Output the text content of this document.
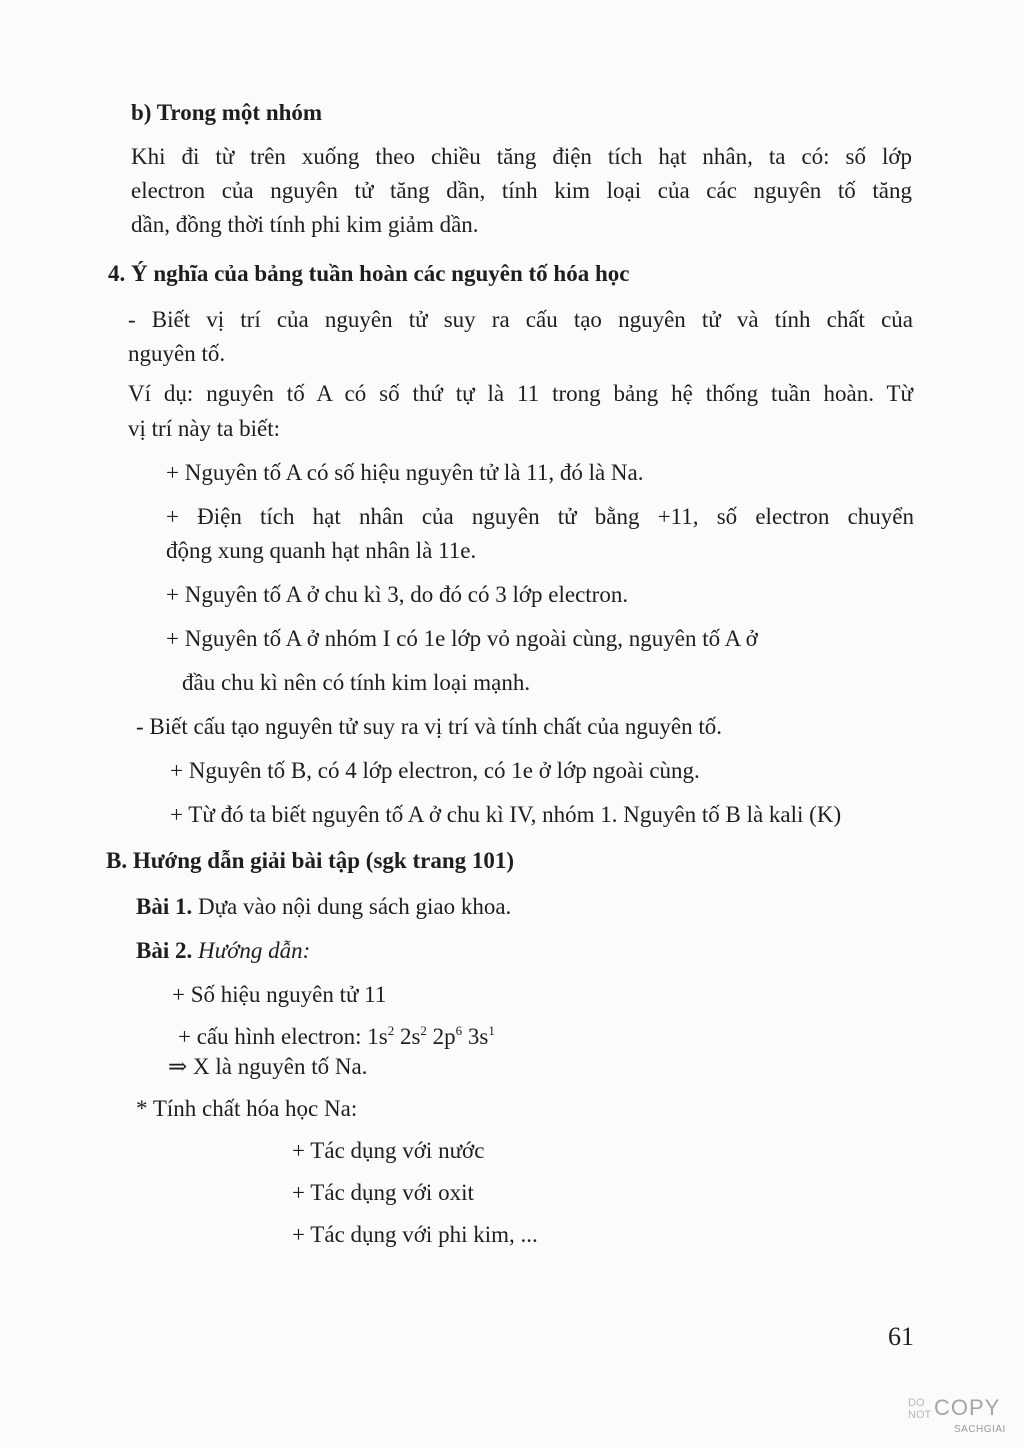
b) Trong một nhóm
Khi đi từ trên xuống theo chiều tăng điện tích hạt nhân, ta có: số lớp
electron của nguyên tử tăng dần, tính kim loại của các nguyên tố tăng
dần, đồng thời tính phi kim giảm dần.
4. Ý nghĩa của bảng tuần hoàn các nguyên tố hóa học
- Biết vị trí của nguyên tử suy ra cấu tạo nguyên tử và tính chất của
nguyên tố.
Ví dụ: nguyên tố A có số thứ tự là 11 trong bảng hệ thống tuần hoàn. Từ
vị trí này ta biết:
+ Nguyên tố A có số hiệu nguyên tử là 11, đó là Na.
+ Điện tích hạt nhân của nguyên tử bằng +11, số electron chuyển
động xung quanh hạt nhân là 11e.
+ Nguyên tố A ở chu kì 3, do đó có 3 lớp electron.
+ Nguyên tố A ở nhóm I có 1e lớp vỏ ngoài cùng, nguyên tố A ở
đầu chu kì nên có tính kim loại mạnh.
- Biết cấu tạo nguyên tử suy ra vị trí và tính chất của nguyên tố.
+ Nguyên tố B, có 4 lớp electron, có 1e ở lớp ngoài cùng.
+ Từ đó ta biết nguyên tố A ở chu kì IV, nhóm 1. Nguyên tố B là kali (K)
B. Hướng dẫn giải bài tập (sgk trang 101)
Bài 1. Dựa vào nội dung sách giao khoa.
Bài 2. Hướng dẫn:
+ Số hiệu nguyên tử 11
+ cấu hình electron: $1s^2$ $2s^2$ $2p^6$ $3s^1$
⇒ X là nguyên tố Na.
* Tính chất hóa học Na:
+ Tác dụng với nước
+ Tác dụng với oxit
+ Tác dụng với phi kim, ...
61
DO
NOT COPY
SACHGIAI
